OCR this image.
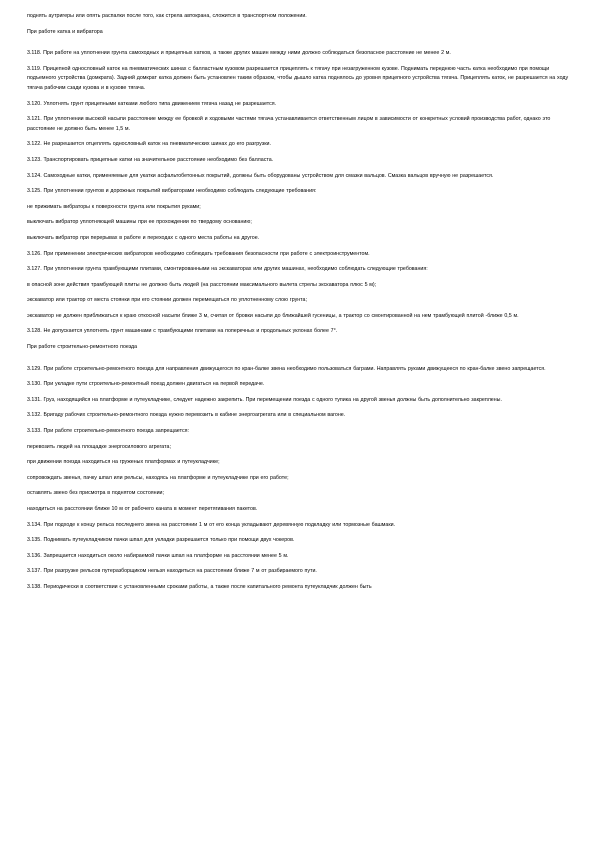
поднять аутригеры или опять распалки после того, как стрела автокрана, сложится в транспортном положении.

При работе катка и вибратора

3.118. При работе на уплотнении грунта самоходных и прицепных катков, а также других машин между ними должно соблюдаться безопасное расстояние не менее 2 м.

3.119. Прицепной однословный каток на пневматических шинах с балластным кузовом разрешается прицеплять к тягачу при незагруженном кузове. Поднимать переднюю часть катка необходимо при помощи подъемного устройства (домкрата). Задний домкрат катка должен быть установлен таким образом, чтобы дышло катка поднялось до уровня прицепного устройства тягача. Прицеплять каток, не разрешается на ходу тягача рабочим сзади кузова и в кузове тягача.

3.120. Уплотнять грунт прицепными катками любого типа движением тягача назад не разрешается.

3.121. При уплотнении высокой насыпи расстояние между ее бровкой и ходовыми частями тягача устанавливается ответственным лицом в зависимости от конкретных условий производства работ, однако это расстояние не должно быть менее 1,5 м.

3.122. Не разрешается отцеплять однословный каток на пневматических шинах до его разгрузки.

3.123. Транспортировать прицепные катки на значительное расстояние необходимо без балласта.

3.124. Самоходные катки, применяемые для укатки асфальтобетонных покрытий, должны быть оборудованы устройством для смазки вальцов. Смазка вальцов вручную не разрешается.

3.125. При уплотнении грунтов и дорожных покрытий вибраторами необходимо соблюдать следующие требования:

не прижимать вибраторы к поверхности грунта или покрытия руками;

выключать вибратор уплотняющей машины при ее прохождении по твердому основанию;

выключать вибратор при перерывах в работе и переходах с одного места работы на другое.

3.126. При применении электрических вибраторов необходимо соблюдать требования безопасности при работе с электроинструментом.

3.127. При уплотнении грунта трамбующими плитами, смонтированными на экскаваторах или других машинах, необходимо соблюдать следующие требования:

в опасной зоне действия трамбующей плиты не должно быть людей (на расстоянии максимального вылета стрелы экскаватора плюс 5 м);

экскаватор или трактор от места стоянки при его стоянии должен перемещаться по уплотненному слою грунта;

экскаватор не должен приближаться к краю откосной насыпи ближе 3 м, считая от бровки насыпи до ближайшей гусеницы, а трактор со смонтированной на нем трамбующей плитой -ближе 0,5 м.

3.128. Не допускается уплотнять грунт машинами с трамбующими плитами на поперечных и продольных уклонах более 7°.

При работе строительно-ремонтного поезда

3.129. При работе строительно-ремонтного поезда для направления движущегося по кран-балке звена необходимо пользоваться баграми. Направлять руками движущееся по кран-балке звено запрещается.

3.130. При укладке пути строительно-ремонтный поезд должен двигаться на первой передаче.

3.131. Груз, находящийся на платформе и путеукладчике, следует надежно закрепить. При перемещении поезда с одного тупика на другой звенья должны быть дополнительно закреплены.

3.132. Бригаду рабочих строительно-ремонтного поезда нужно перевозить в кабине энергоагрегата или в специальном вагоне.

3.133. При работе строительно-ремонтного поезда запрещается:

перевозить людей на площадке энергосилового агрегата;

при движении поезда находиться на груженых платформах и путеукладчике;

сопровождать звенья, пачку шпал или рельсы, находясь на платформе и путеукладчике при его работе;

оставлять звено без присмотра в поднятом состоянии;

находиться на расстоянии ближе 10 м от рабочего каната в момент перетягивания пакетов.

3.134. При подходе к концу рельса последнего звена на расстоянии 1 м от его конца укладывают деревянную подкладку или тормозные башмаки.

3.135. Поднимать путеукладчиком пачки шпал для укладки разрешается только при помощи двух чокеров.

3.136. Запрещается находиться около набираемой пачки шпал на платформе на расстоянии менее 5 м.

3.137. При разгрузке рельсов путеразборщиком нельзя находиться на расстоянии ближе 7 м от разбираемого пути.

3.138. Периодически в соответствии с установленными сроками работы, а также после капитального ремонта путеукладчик должен быть
